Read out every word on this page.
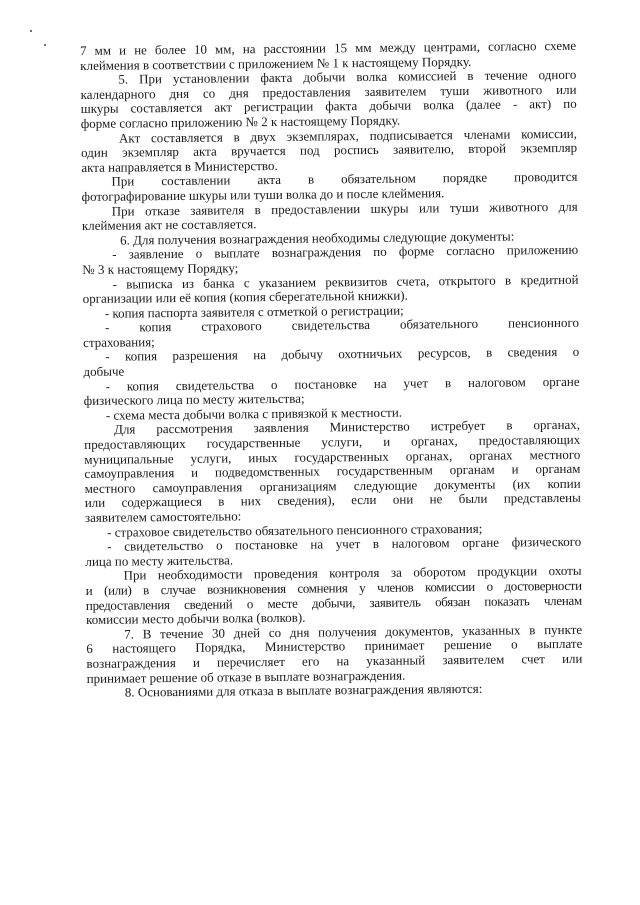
7 мм и не более 10 мм, на расстоянии 15 мм между центрами, согласно схеме
клеймения в соответствии с приложением № 1 к настоящему Порядку.
5. При установлении факта добычи волка комиссией в течение одного
календарного дня со дня предоставления заявителем туши животного или
шкуры составляется акт регистрации факта добычи волка (далее - акт) по
форме согласно приложению № 2 к настоящему Порядку.
Акт составляется в двух экземплярах, подписывается членами комиссии,
один экземпляр акта вручается под роспись заявителю, второй экземпляр
акта направляется в Министерство.
При составлении акта в обязательном порядке проводится
фотографирование шкуры или туши волка до и после клеймения.
При отказе заявителя в предоставлении шкуры или туши животного для
клеймения акт не составляется.
6. Для получения вознаграждения необходимы следующие документы:
- заявление о выплате вознаграждения по форме согласно приложению
№ 3 к настоящему Порядку;
- выписка из банка с указанием реквизитов счета, открытого в кредитной
организации или её копия (копия сберегательной книжки).
- копия паспорта заявителя с отметкой о регистрации;
- копия страхового свидетельства обязательного пенсионного
страхования;
- копия разрешения на добычу охотничьих ресурсов, в сведения о
добыче
- копия свидетельства о постановке на учет в налоговом органе
физического лица по месту жительства;
- схема места добычи волка с привязкой к местности.
Для рассмотрения заявления Министерство истребует в органах,
предоставляющих государственные услуги, и органах, предоставляющих
муниципальные услуги, иных государственных органах, органах местного
самоуправления и подведомственных государственным органам и органам
местного самоуправления организациям следующие документы (их копии
или содержащиеся в них сведения), если они не были представлены
заявителем самостоятельно:
- страховое свидетельство обязательного пенсионного страхования;
- свидетельство о постановке на учет в налоговом органе физического
лица по месту жительства.
При необходимости проведения контроля за оборотом продукции охоты
и (или) в случае возникновения сомнения у членов комиссии о достоверности
предоставления сведений о месте добычи, заявитель обязан показать членам
комиссии место добычи волка (волков).
7. В течение 30 дней со дня получения документов, указанных в пункте
6 настоящего Порядка, Министерство принимает решение о выплате
вознаграждения и перечисляет его на указанный заявителем счет или
принимает решение об отказе в выплате вознаграждения.
8. Основаниями для отказа в выплате вознаграждения являются:
